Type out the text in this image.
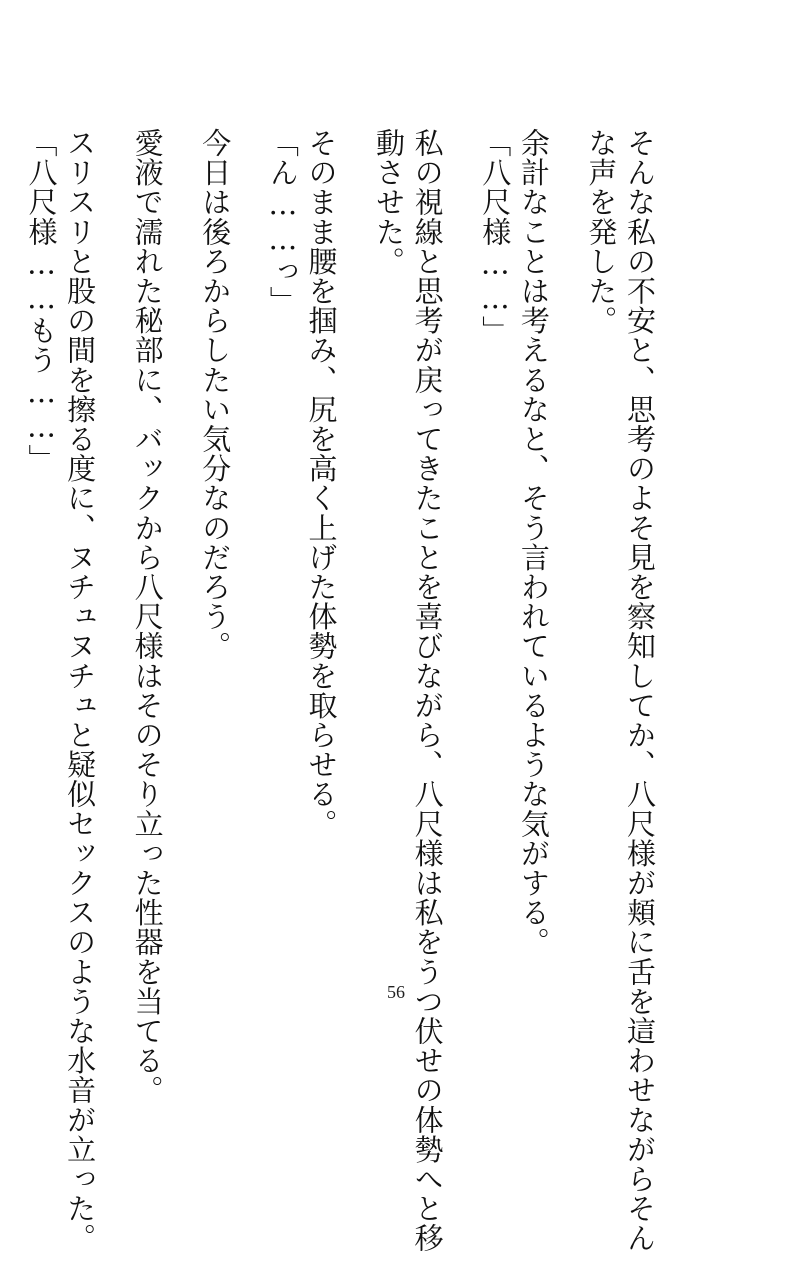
そんな私の不安と、思考のよそ見を察知してか、八尺様が頬に舌を這わせながらそん
な声を発した。
余計なことは考えるなと、そう言われているような気がする。
「八尺様……」
私の視線と思考が戻ってきたことを喜びながら、八尺様は私をうつ伏せの体勢へと移
動させた。
そのまま腰を掴み、尻を高く上げた体勢を取らせる。
「ん……っ」
今日は後ろからしたい気分なのだろう。
愛液で濡れた秘部に、バックから八尺様はそのそり立った性器を当てる。
スリスリと股の間を擦る度に、ヌチュヌチュと疑似セックスのような水音が立った。
「八尺様……もう……」
56
